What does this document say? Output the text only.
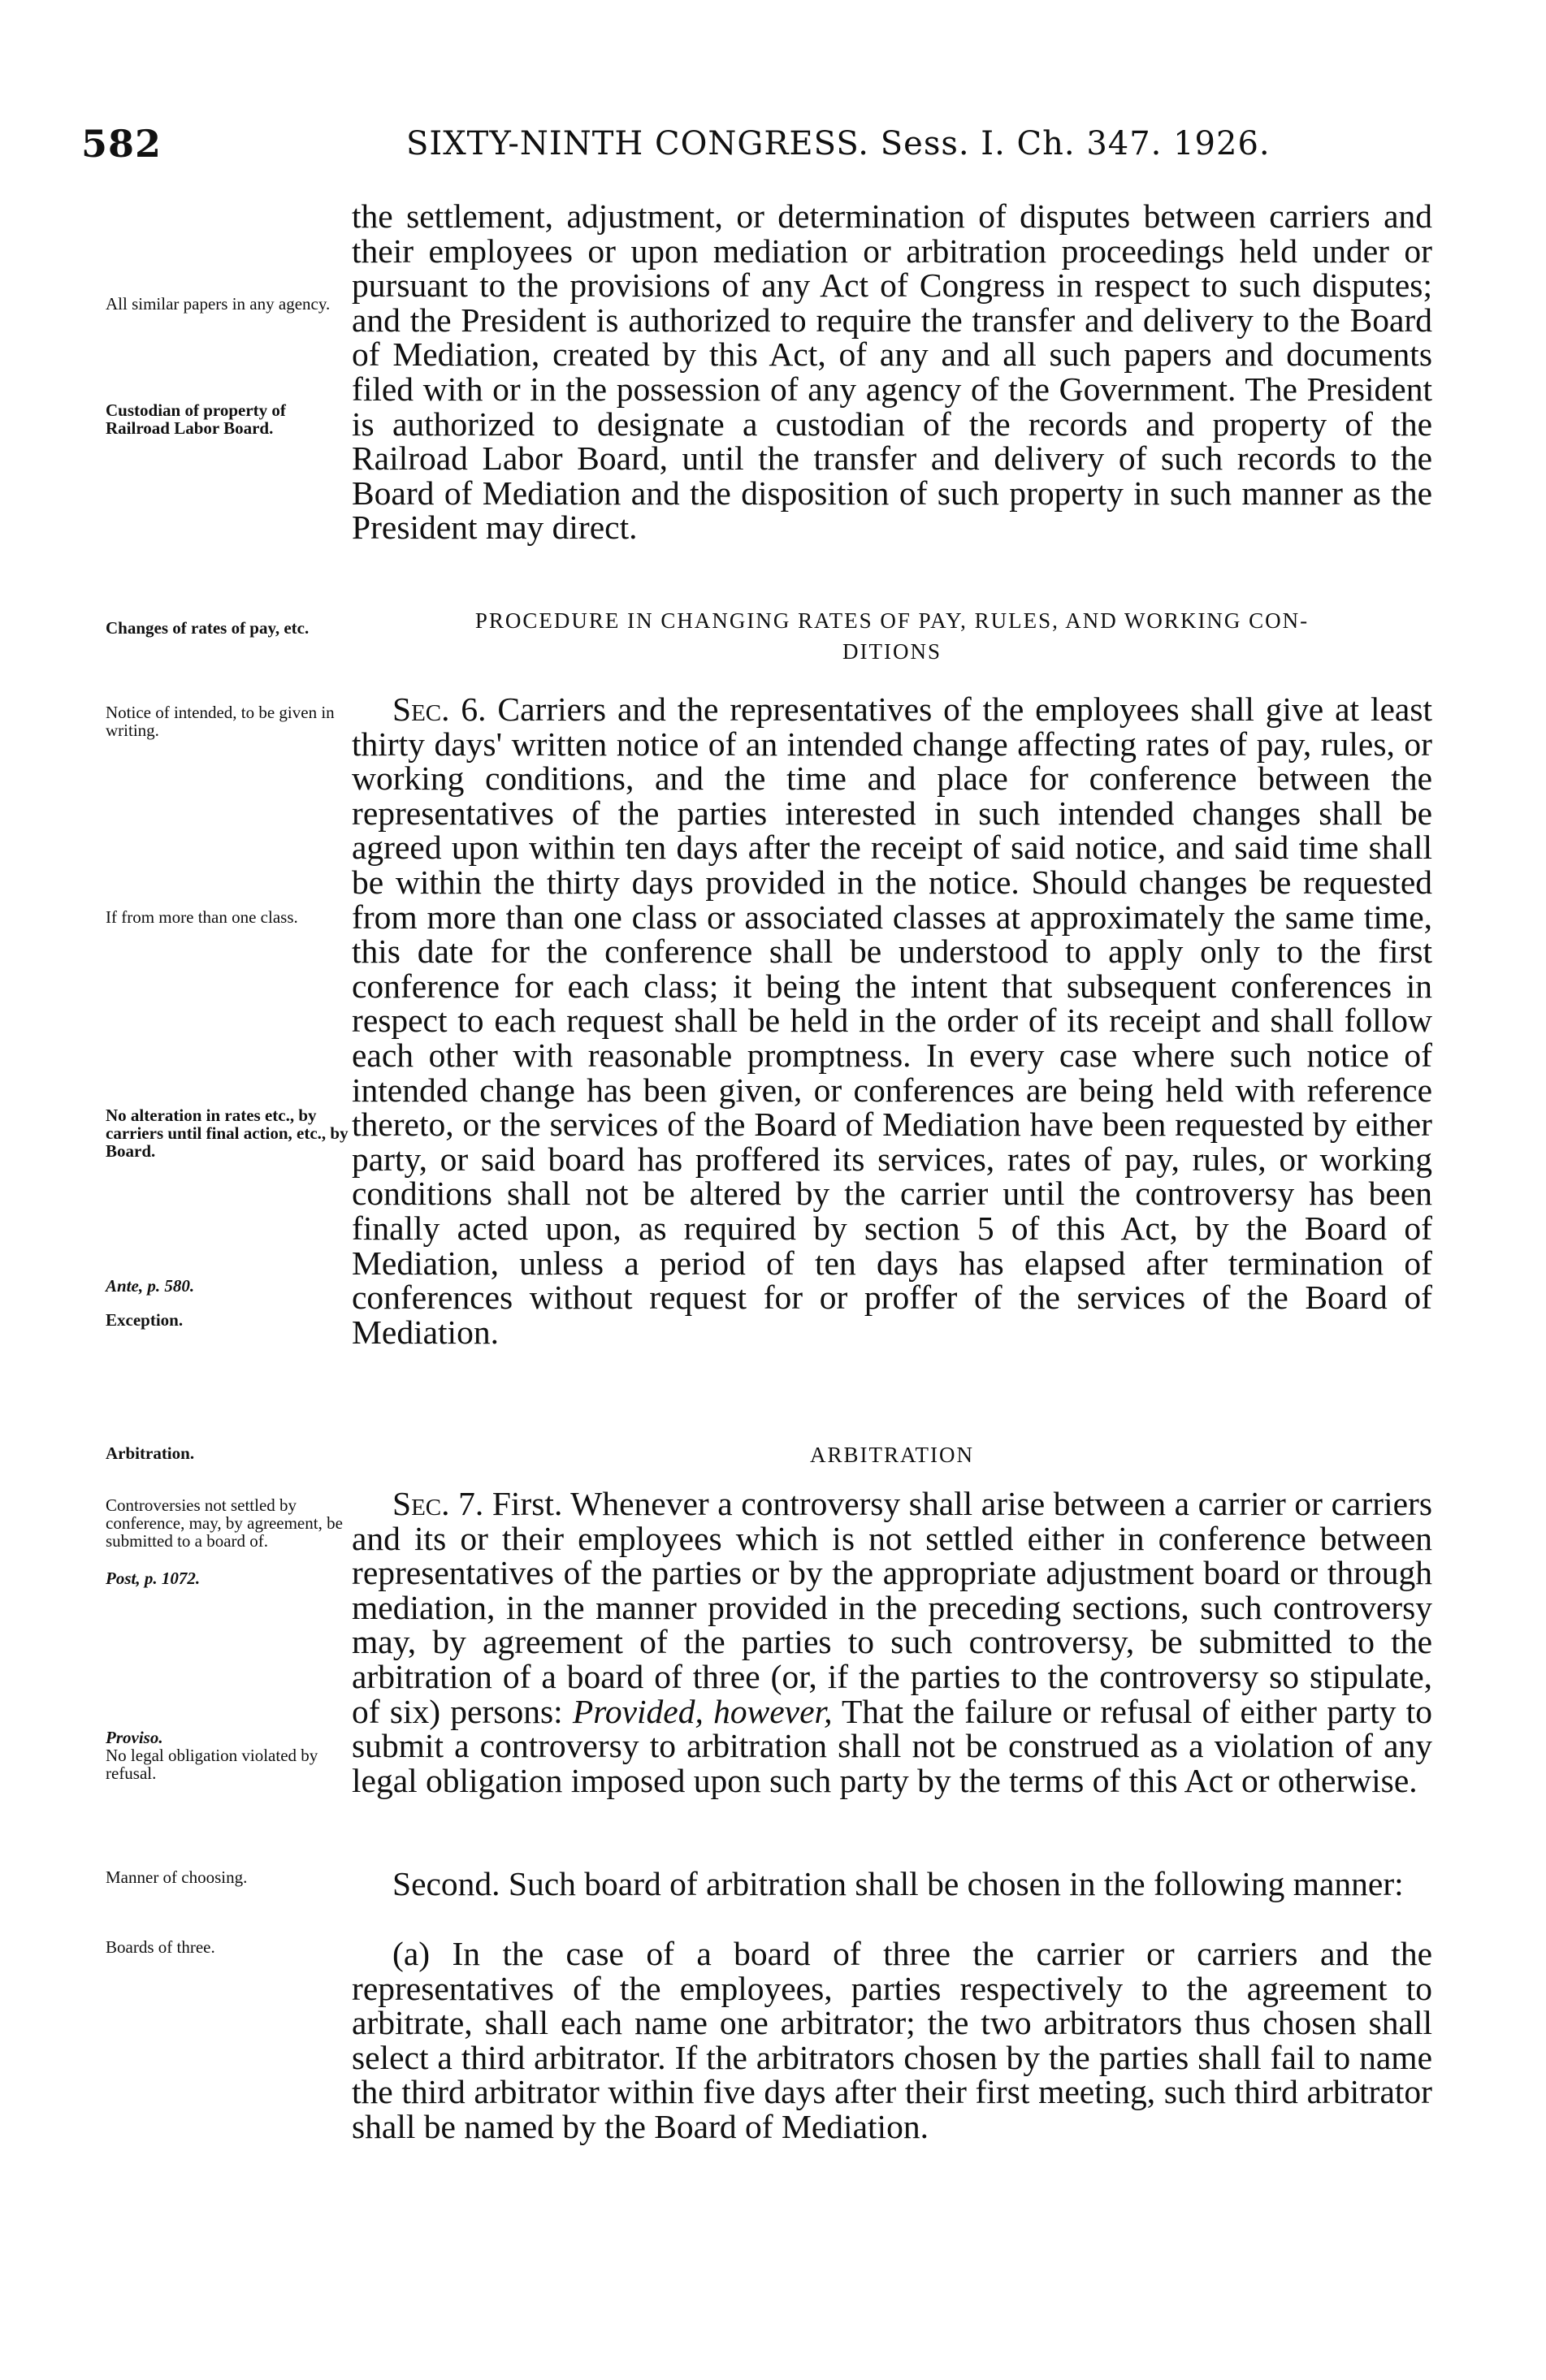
582	SIXTY-NINTH CONGRESS. Sess. I. Ch. 347. 1926.

the settlement, adjustment, or determination of disputes between carriers and their employees or upon mediation or arbitration proceedings held under or pursuant to the provisions of any Act of Congress in respect to such disputes; and the President is authorized to require the transfer and delivery to the Board of Mediation, created by this Act, of any and all such papers and documents filed with or in the possession of any agency of the Government. The President is authorized to designate a custodian of the records and property of the Railroad Labor Board, until the transfer and delivery of such records to the Board of Mediation and the disposition of such property in such manner as the President may direct.

PROCEDURE IN CHANGING RATES OF PAY, RULES, AND WORKING CON-
DITIONS

Sec. 6. Carriers and the representatives of the employees shall give at least thirty days' written notice of an intended change affecting rates of pay, rules, or working conditions, and the time and place for conference between the representatives of the parties interested in such intended changes shall be agreed upon within ten days after the receipt of said notice, and said time shall be within the thirty days provided in the notice. Should changes be requested from more than one class or associated classes at approximately the same time, this date for the conference shall be understood to apply only to the first conference for each class; it being the intent that subsequent conferences in respect to each request shall be held in the order of its receipt and shall follow each other with reasonable promptness. In every case where such notice of intended change has been given, or conferences are being held with reference thereto, or the services of the Board of Mediation have been requested by either party, or said board has proffered its services, rates of pay, rules, or working conditions shall not be altered by the carrier until the controversy has been finally acted upon, as required by section 5 of this Act, by the Board of Mediation, unless a period of ten days has elapsed after termination of conferences without request for or proffer of the services of the Board of Mediation.

ARBITRATION

Sec. 7. First. Whenever a controversy shall arise between a carrier or carriers and its or their employees which is not settled either in conference between representatives of the parties or by the appropriate adjustment board or through mediation, in the manner provided in the preceding sections, such controversy may, by agreement of the parties to such controversy, be submitted to the arbitration of a board of three (or, if the parties to the controversy so stipulate, of six) persons: Provided, however, That the failure or refusal of either party to submit a controversy to arbitration shall not be construed as a violation of any legal obligation imposed upon such party by the terms of this Act or otherwise.

Second. Such board of arbitration shall be chosen in the following manner:

(a) In the case of a board of three the carrier or carriers and the representatives of the employees, parties respectively to the agreement to arbitrate, shall each name one arbitrator; the two arbitrators thus chosen shall select a third arbitrator. If the arbitrators chosen by the parties shall fail to name the third arbitrator within five days after their first meeting, such third arbitrator shall be named by the Board of Mediation.

All similar papers in any agency.
Custodian of property of Railroad Labor Board.
Changes of rates of pay, etc.
Notice of intended, to be given in writing.
If from more than one class.
No alteration in rates etc., by carriers until final action, etc., by Board.
Ante, p. 580.
Exception.
Arbitration.
Controversies not settled by conference, may, by agreement, be submitted to a board of.
Post, p. 1072.
Proviso.
No legal obligation violated by refusal.
Manner of choosing.
Boards of three.
